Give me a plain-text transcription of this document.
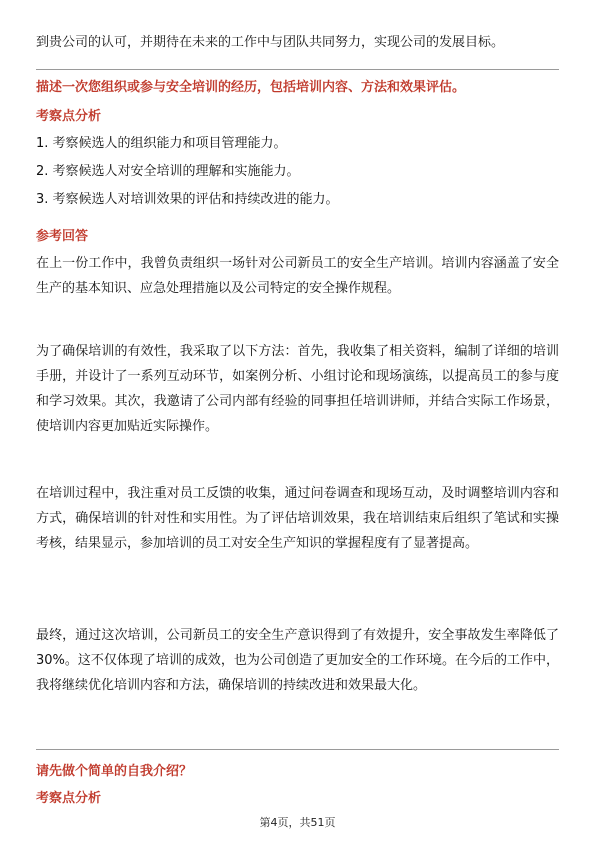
到贵公司的认可，并期待在未来的工作中与团队共同努力，实现公司的发展目标。

描述一次您组织或参与安全培训的经历，包括培训内容、方法和效果评估。

考察点分析

1. 考察候选人的组织能力和项目管理能力。

2. 考察候选人对安全培训的理解和实施能力。

3. 考察候选人对培训效果的评估和持续改进的能力。

参考回答

在上一份工作中，我曾负责组织一场针对公司新员工的安全生产培训。培训内容涵盖了安全生产的基本知识、应急处理措施以及公司特定的安全操作规程。

为了确保培训的有效性，我采取了以下方法：首先，我收集了相关资料，编制了详细的培训手册，并设计了一系列互动环节，如案例分析、小组讨论和现场演练，以提高员工的参与度和学习效果。其次，我邀请了公司内部有经验的同事担任培训讲师，并结合实际工作场景，使培训内容更加贴近实际操作。

在培训过程中，我注重对员工反馈的收集，通过问卷调查和现场互动，及时调整培训内容和方式，确保培训的针对性和实用性。为了评估培训效果，我在培训结束后组织了笔试和实操考核，结果显示，参加培训的员工对安全生产知识的掌握程度有了显著提高。

最终，通过这次培训，公司新员工的安全生产意识得到了有效提升，安全事故发生率降低了30%。这不仅体现了培训的成效，也为公司创造了更加安全的工作环境。在今后的工作中，我将继续优化培训内容和方法，确保培训的持续改进和效果最大化。

请先做个简单的自我介绍？

考察点分析

第4页，共51页
